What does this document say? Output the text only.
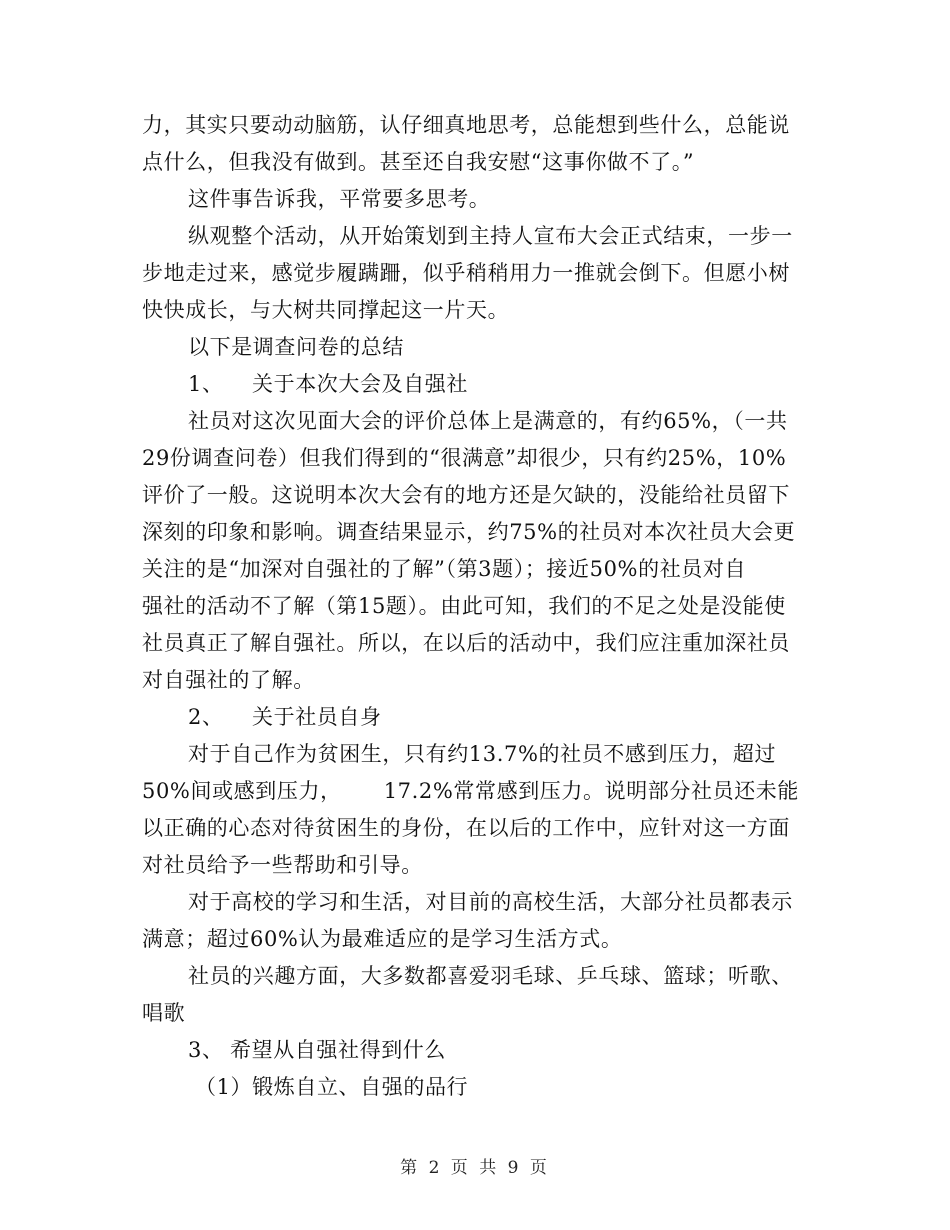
力，其实只要动动脑筋，认仔细真地思考，总能想到些什么，总能说
点什么，但我没有做到。甚至还自我安慰“这事你做不了。”
这件事告诉我，平常要多思考。
纵观整个活动，从开始策划到主持人宣布大会正式结束，一步一
步地走过来，感觉步履蹒跚，似乎稍稍用力一推就会倒下。但愿小树
快快成长，与大树共同撑起这一片天。
以下是调查问卷的总结
1、 关于本次大会及自强社
社员对这次见面大会的评价总体上是满意的，有约65%，（一共
29份调查问卷）但我们得到的“很满意”却很少，只有约25%，10%
评价了一般。这说明本次大会有的地方还是欠缺的，没能给社员留下
深刻的印象和影响。调查结果显示，约75%的社员对本次社员大会更
关注的是“加深对自强社的了解”（第3题）；接近50%的社员对自
强社的活动不了解（第15题）。由此可知，我们的不足之处是没能使
社员真正了解自强社。所以，在以后的活动中，我们应注重加深社员
对自强社的了解。
2、 关于社员自身
对于自己作为贫困生，只有约13.7%的社员不感到压力，超过
50%间或感到压力， 17.2%常常感到压力。说明部分社员还未能
以正确的心态对待贫困生的身份，在以后的工作中，应针对这一方面
对社员给予一些帮助和引导。
对于高校的学习和生活，对目前的高校生活，大部分社员都表示
满意；超过60%认为最难适应的是学习生活方式。
社员的兴趣方面，大多数都喜爱羽毛球、乒乓球、篮球；听歌、
唱歌
3、 希望从自强社得到什么
（1）锻炼自立、自强的品行
第 2 页 共 9 页
